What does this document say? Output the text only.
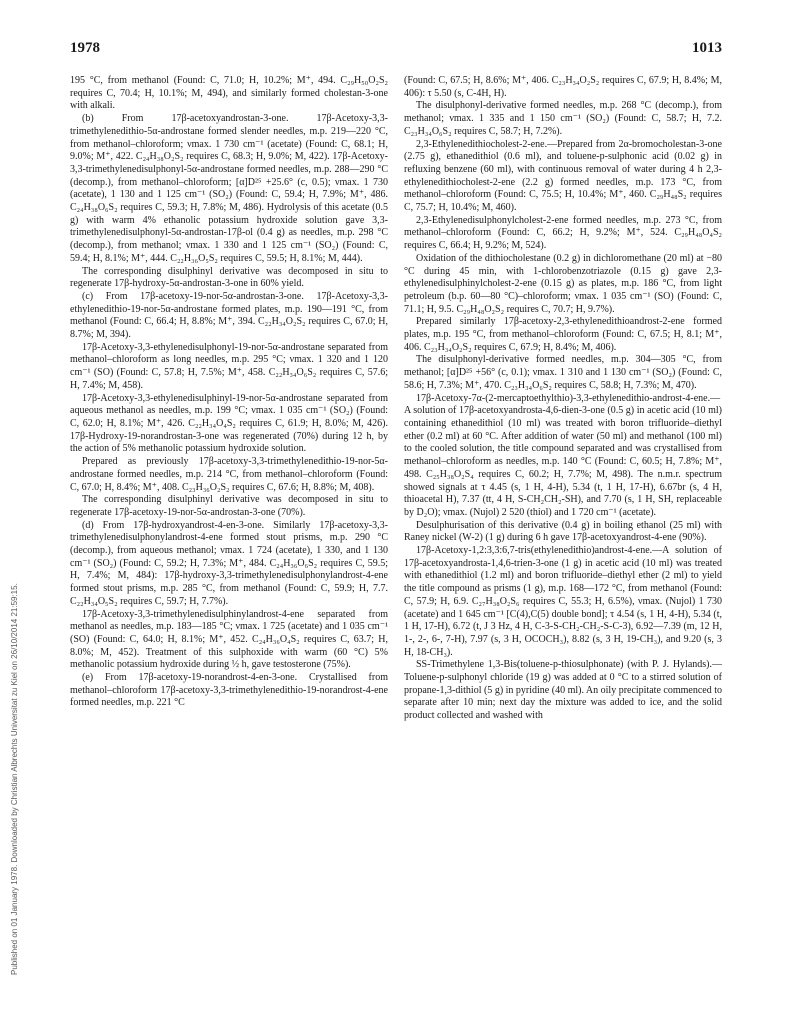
1978	1013
Published on 01 January 1978. Downloaded by Christian Albrechts Universitat zu Kiel on 26/10/2014 21:59:15.

195 °C, from methanol (Found: C, 71.0; H, 10.2%; M⁺, 494. C₂₉H₅₀O₂S₂ requires C, 70.4; H, 10.1%; M, 494), and similarly formed cholestan-3-one with alkali.

(b) From 17β-acetoxyandrostan-3-one. 17β-Acetoxy-3,3-trimethylenedithio-5α-androstane formed slender needles, m.p. 219—220 °C, from methanol–chloroform; νmax. 1 730 cm⁻¹ (acetate) (Found: C, 68.1; H, 9.0%; M⁺, 422. C₂₄H₃₈O₂S₂ requires C, 68.3; H, 9.0%; M, 422). 17β-Acetoxy-3,3-trimethylenedisulphonyl-5α-androstane formed needles, m.p. 288—290 °C (decomp.), from methanol–chloroform; [α]D²⁵ +25.6° (c, 0.5); νmax. 1 730 (acetate), 1 130 and 1 125 cm⁻¹ (SO₂) (Found: C, 59.4; H, 7.9%; M⁺, 486. C₂₄H₃₈O₆S₂ requires C, 59.3; H, 7.8%; M, 486). Hydrolysis of this acetate (0.5 g) with warm 4% ethanolic potassium hydroxide solution gave 3,3-trimethylenedisulphonyl-5α-androstan-17β-ol (0.4 g) as needles, m.p. 298 °C (decomp.), from methanol; νmax. 1 330 and 1 125 cm⁻¹ (SO₂) (Found: C, 59.4; H, 8.1%; M⁺, 444. C₂₂H₃₆O₅S₂ requires C, 59.5; H, 8.1%; M, 444).

The corresponding disulphinyl derivative was decomposed in situ to regenerate 17β-hydroxy-5α-androstan-3-one in 60% yield.

(c) From 17β-acetoxy-19-nor-5α-androstan-3-one. 17β-Acetoxy-3,3-ethylenedithio-19-nor-5α-androstane formed plates, m.p. 190—191 °C, from methanol (Found: C, 66.4; H, 8.8%; M⁺, 394. C₂₂H₃₄O₂S₂ requires C, 67.0; H, 8.7%; M, 394).

17β-Acetoxy-3,3-ethylenedisulphonyl-19-nor-5α-androstane separated from methanol–chloroform as long needles, m.p. 295 °C; νmax. 1 320 and 1 120 cm⁻¹ (SO) (Found: C, 57.8; H, 7.5%; M⁺, 458. C₂₂H₃₄O₆S₂ requires C, 57.6; H, 7.4%; M, 458).

17β-Acetoxy-3,3-ethylenedisulphinyl-19-nor-5α-androstane separated from aqueous methanol as needles, m.p. 199 °C; νmax. 1 035 cm⁻¹ (SO₂) (Found: C, 62.0; H, 8.1%; M⁺, 426. C₂₂H₃₄O₄S₂ requires C, 61.9; H, 8.0%; M, 426). 17β-Hydroxy-19-norandrostan-3-one was regenerated (70%) during 12 h, by the action of 5% methanolic potassium hydroxide solution.

Prepared as previously 17β-acetoxy-3,3-trimethylenedithio-19-nor-5α-androstane formed needles, m.p. 214 °C, from methanol–chloroform (Found: C, 67.0; H, 8.4%; M⁺, 408. C₂₃H₃₆O₂S₂ requires C, 67.6; H, 8.8%; M, 408).

The corresponding disulphinyl derivative was decomposed in situ to regenerate 17β-acetoxy-19-nor-5α-androstan-3-one (70%).

(d) From 17β-hydroxyandrost-4-en-3-one. Similarly 17β-acetoxy-3,3-trimethylenedisulphonylandrost-4-ene formed stout prisms, m.p. 290 °C (decomp.), from aqueous methanol; νmax. 1 724 (acetate), 1 330, and 1 130 cm⁻¹ (SO₂) (Found: C, 59.2; H, 7.3%; M⁺, 484. C₂₄H₃₆O₆S₂ requires C, 59.5; H, 7.4%; M, 484): 17β-hydroxy-3,3-trimethylenedisulphonylandrost-4-ene formed stout prisms, m.p. 285 °C, from methanol (Found: C, 59.9; H, 7.7. C₂₂H₃₄O₅S₂ requires C, 59.7; H, 7.7%).

17β-Acetoxy-3,3-trimethylenedisulphinylandrost-4-ene separated from methanol as needles, m.p. 183—185 °C; νmax. 1 725 (acetate) and 1 035 cm⁻¹ (SO) (Found: C, 64.0; H, 8.1%; M⁺, 452. C₂₄H₃₆O₄S₂ requires C, 63.7; H, 8.0%; M, 452). Treatment of this sulphoxide with warm (60 °C) 5% methanolic potassium hydroxide during ½ h, gave testosterone (75%).

(e) From 17β-acetoxy-19-norandrost-4-en-3-one. Crystallised from methanol–chloroform 17β-acetoxy-3,3-trimethylenedithio-19-norandrost-4-ene formed needles, m.p. 221 °C

(Found: C, 67.5; H, 8.6%; M⁺, 406. C₂₃H₃₄O₂S₂ requires C, 67.9; H, 8.4%; M, 406): τ 5.50 (s, C-4H, H).

The disulphonyl-derivative formed needles, m.p. 268 °C (decomp.), from methanol; νmax. 1 335 and 1 150 cm⁻¹ (SO₂) (Found: C, 58.7; H, 7.2. C₂₃H₃₄O₆S₂ requires C, 58.7; H, 7.2%).

2,3-Ethylenedithiocholest-2-ene.—Prepared from 2α-bromocholestan-3-one (2.75 g), ethanedithiol (0.6 ml), and toluene-p-sulphonic acid (0.02 g) in refluxing benzene (60 ml), with continuous removal of water during 4 h 2,3-ethylenedithiocholest-2-ene (2.2 g) formed needles, m.p. 173 °C, from methanol–chloroform (Found: C, 75.5; H, 10.4%; M⁺, 460. C₂₉H₄₈S₂ requires C, 75.7; H, 10.4%; M, 460).

2,3-Ethylenedisulphonylcholest-2-ene formed needles, m.p. 273 °C, from methanol–chloroform (Found: C, 66.2; H, 9.2%; M⁺, 524. C₂₉H₄₈O₄S₂ requires C, 66.4; H, 9.2%; M, 524).

Oxidation of the dithiocholestane (0.2 g) in dichloromethane (20 ml) at −80 °C during 45 min, with 1-chlorobenzotriazole (0.15 g) gave 2,3-ethylenedisulphinylcholest-2-ene (0.15 g) as plates, m.p. 186 °C, from light petroleum (b.p. 60—80 °C)–chloroform; νmax. 1 035 cm⁻¹ (SO) (Found: C, 71.1; H, 9.5. C₂₉H₄₈O₂S₂ requires C, 70.7; H, 9.7%).

Prepared similarly 17β-acetoxy-2,3-ethylenedithioandrost-2-ene formed plates, m.p. 195 °C, from methanol–chloroform (Found: C, 67.5; H, 8.1; M⁺, 406. C₂₃H₃₄O₂S₂ requires C, 67.9; H, 8.4%; M, 406).

The disulphonyl-derivative formed needles, m.p. 304—305 °C, from methanol; [α]D²⁵ +56° (c, 0.1); νmax. 1 310 and 1 130 cm⁻¹ (SO₂) (Found: C, 58.6; H, 7.3%; M⁺, 470. C₂₃H₃₄O₆S₂ requires C, 58.8; H, 7.3%; M, 470).

17β-Acetoxy-7α-(2-mercaptoethylthio)-3,3-ethylenedithio-androst-4-ene.—A solution of 17β-acetoxyandrosta-4,6-dien-3-one (0.5 g) in acetic acid (10 ml) containing ethanedithiol (10 ml) was treated with boron trifluoride–diethyl ether (0.2 ml) at 60 °C. After addition of water (50 ml) and methanol (100 ml) to the cooled solution, the title compound separated and was crystallised from methanol–chloroform as needles, m.p. 140 °C (Found: C, 60.5; H, 7.8%; M⁺, 498. C₂₅H₃₈O₂S₄ requires C, 60.2; H, 7.7%; M, 498). The n.m.r. spectrum showed signals at τ 4.45 (s, 1 H, 4-H), 5.34 (t, 1 H, 17-H), 6.67br (s, 4 H, thioacetal H), 7.37 (tt, 4 H, S-CH₂CH₂-SH), and 7.70 (s, 1 H, SH, replaceable by D₂O); νmax. (Nujol) 2 520 (thiol) and 1 720 cm⁻¹ (acetate).

Desulphurisation of this derivative (0.4 g) in boiling ethanol (25 ml) with Raney nickel (W-2) (1 g) during 6 h gave 17β-acetoxyandrost-4-ene (90%).

17β-Acetoxy-1,2:3,3:6,7-tris(ethylenedithio)androst-4-ene.—A solution of 17β-acetoxyandrosta-1,4,6-trien-3-one (1 g) in acetic acid (10 ml) was treated with ethanedithiol (1.2 ml) and boron trifluoride–diethyl ether (2 ml) to yield the title compound as prisms (1 g), m.p. 168—172 °C, from methanol (Found: C, 57.9; H, 6.9. C₂₇H₃₈O₂S₆ requires C, 55.3; H, 6.5%), νmax. (Nujol) 1 730 (acetate) and 1 645 cm⁻¹ [C(4),C(5) double bond]; τ 4.54 (s, 1 H, 4-H), 5.34 (t, 1 H, 17-H), 6.72 (t, J 3 Hz, 4 H, C-3-S-CH₂-CH₂-S-C-3), 6.92—7.39 (m, 12 H, 1-, 2-, 6-, 7-H), 7.97 (s, 3 H, OCOCH₃), 8.82 (s, 3 H, 19-CH₃), and 9.20 (s, 3 H, 18-CH₃).

SS-Trimethylene 1,3-Bis(toluene-p-thiosulphonate) (with P. J. Hylands).—Toluene-p-sulphonyl chloride (19 g) was added at 0 °C to a stirred solution of propane-1,3-dithiol (5 g) in pyridine (40 ml). An oily precipitate commenced to separate after 10 min; next day the mixture was added to ice, and the solid product collected and washed with
